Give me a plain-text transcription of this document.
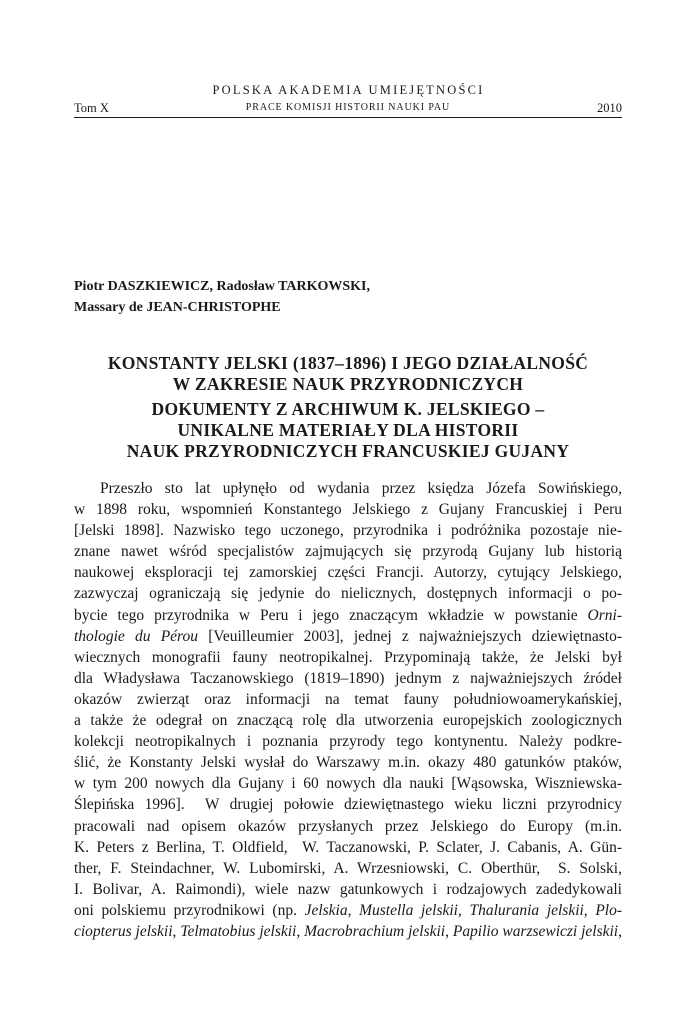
POLSKA AKADEMIA UMIEJĘTNOŚCI
PRACE KOMISJI HISTORII NAUKI PAU
Tom X	2010
Piotr DASZKIEWICZ, Radosław TARKOWSKI,
Massary de JEAN-CHRISTOPHE
KONSTANTY JELSKI (1837–1896) I JEGO DZIAŁALNOŚĆ
W ZAKRESIE NAUK PRZYRODNICZYCH
DOKUMENTY Z ARCHIWUM K. JELSKIEGO –
UNIKALNE MATERIAŁY DLA HISTORII
NAUK PRZYRODNICZYCH FRANCUSKIEJ GUJANY
Przeszło sto lat upłynęło od wydania przez księdza Józefa Sowińskiego,
w 1898 roku, wspomnień Konstantego Jelskiego z Gujany Francuskiej i Peru
[Jelski 1898]. Nazwisko tego uczonego, przyrodnika i podróżnika pozostaje nie-
znane nawet wśród specjalistów zajmujących się przyrodą Gujany lub historią
naukowej eksploracji tej zamorskiej części Francji. Autorzy, cytujący Jelskiego,
zazwyczaj ograniczają się jedynie do nielicznych, dostępnych informacji o po-
bycie tego przyrodnika w Peru i jego znaczącym wkładzie w powstanie Orni-
thologie du Pérou [Veuilleumier 2003], jednej z najważniejszych dziewiętnasto-
wiecznych monografii fauny neotropikalnej. Przypominają także, że Jelski był
dla Władysława Taczanowskiego (1819–1890) jednym z najważniejszych źródeł
okazów zwierząt oraz informacji na temat fauny południowoamerykańskiej,
a także że odegrał on znaczącą rolę dla utworzenia europejskich zoologicznych
kolekcji neotropikalnych i poznania przyrody tego kontynentu. Należy podkre-
ślić, że Konstanty Jelski wysłał do Warszawy m.in. okazy 480 gatunków ptaków,
w tym 200 nowych dla Gujany i 60 nowych dla nauki [Wąsowska, Wiszniewska-
Ślepińska 1996].  W drugiej połowie dziewiętnastego wieku liczni przyrodnicy
pracowali nad opisem okazów przysłanych przez Jelskiego do Europy (m.in.
K. Peters z Berlina, T. Oldfield,  W. Taczanowski, P. Sclater, J. Cabanis, A. Gün-
ther, F. Steindachner, W. Lubomirski, A. Wrzesniowski, C. Oberthür,  S. Solski,
I. Bolivar, A. Raimondi), wiele nazw gatunkowych i rodzajowych zadedykowali
oni polskiemu przyrodnikowi (np. Jelskia, Mustella jelskii, Thalurania jelskii, Plo-
ciopterus jelskii, Telmatobius jelskii, Macrobrachium jelskii, Papilio warzsewiczi jelskii,
